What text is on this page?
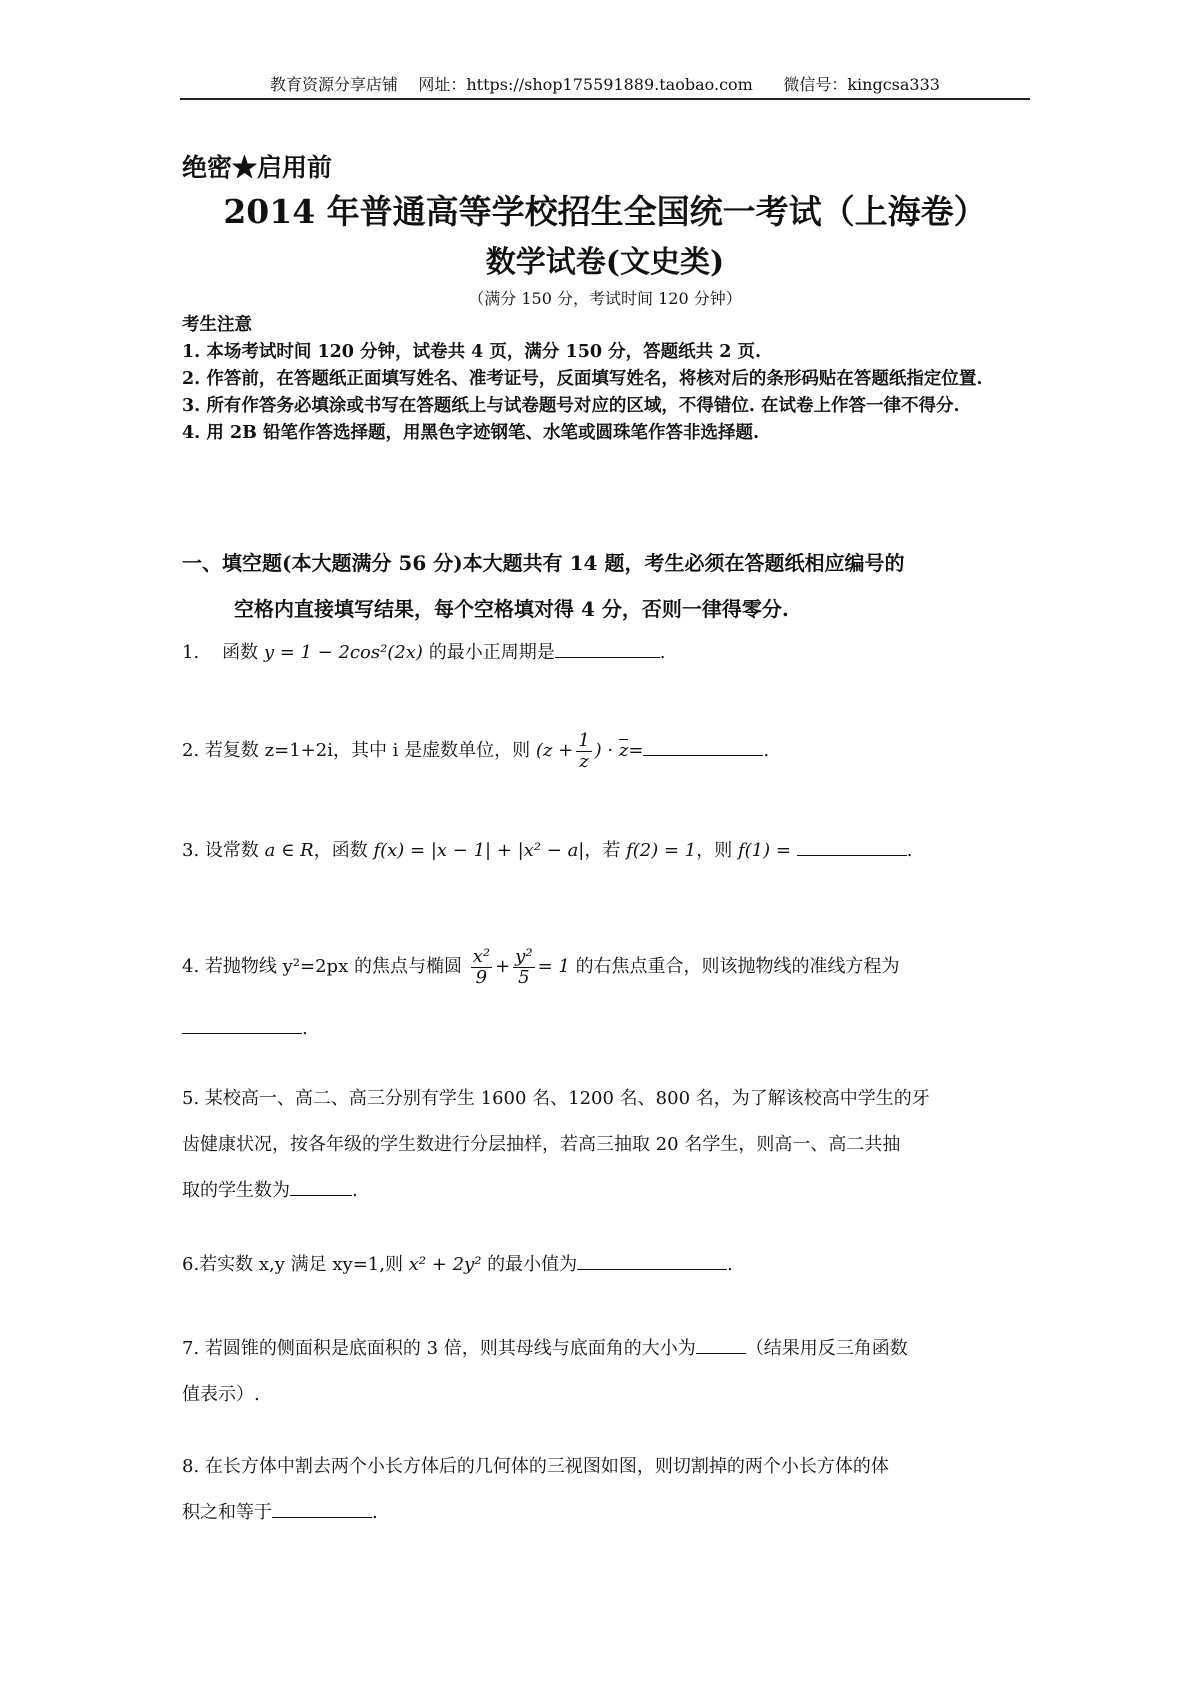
教育资源分享店铺 网址：https://shop175591889.taobao.com 微信号：kingcsa333
绝密★启用前
2014 年普通高等学校招生全国统一考试（上海卷）
数学试卷(文史类)
（满分 150 分，考试时间 120 分钟）
考生注意
1. 本场考试时间 120 分钟，试卷共 4 页，满分 150 分，答题纸共 2 页.
2. 作答前，在答题纸正面填写姓名、准考证号，反面填写姓名，将核对后的条形码贴在答题纸指定位置.
3. 所有作答务必填涂或书写在答题纸上与试卷题号对应的区域，不得错位. 在试卷上作答一律不得分.
4. 用 2B 铅笔作答选择题，用黑色字迹钢笔、水笔或圆珠笔作答非选择题.
一、填空题(本大题满分 56 分)本大题共有 14 题，考生必须在答题纸相应编号的
空格内直接填写结果，每个空格填对得 4 分，否则一律得零分.
1. 函数 y = 1 − 2cos²(2x) 的最小正周期是	.
2. 若复数 z=1+2i，其中 i 是虚数单位，则 ($z + \frac{1}{z}$ ) · z=	.
3. 设常数 a ∈ R，函数 f(x) = |x − 1| + |x² − a|，若 f(2) = 1，则 f(1) =	.
4. 若抛物线 y²=2px 的焦点与椭圆 $\frac{\text{x²}}{9} + \frac{\text{y²}}{5} = 1$ 的右焦点重合，则该抛物线的准线方程为
.
5. 某校高一、高二、高三分别有学生 1600 名、1200 名、800 名，为了解该校高中学生的牙
齿健康状况，按各年级的学生数进行分层抽样，若高三抽取 20 名学生，则高一、高二共抽
取的学生数为	.
6.若实数 x,y 满足 xy=1,则 x² + 2y² 的最小值为	.
7. 若圆锥的侧面积是底面积的 3 倍，则其母线与底面角的大小为	（结果用反三角函数
值表示）.
8. 在长方体中割去两个小长方体后的几何体的三视图如图，则切割掉的两个小长方体的体
积之和等于	.
